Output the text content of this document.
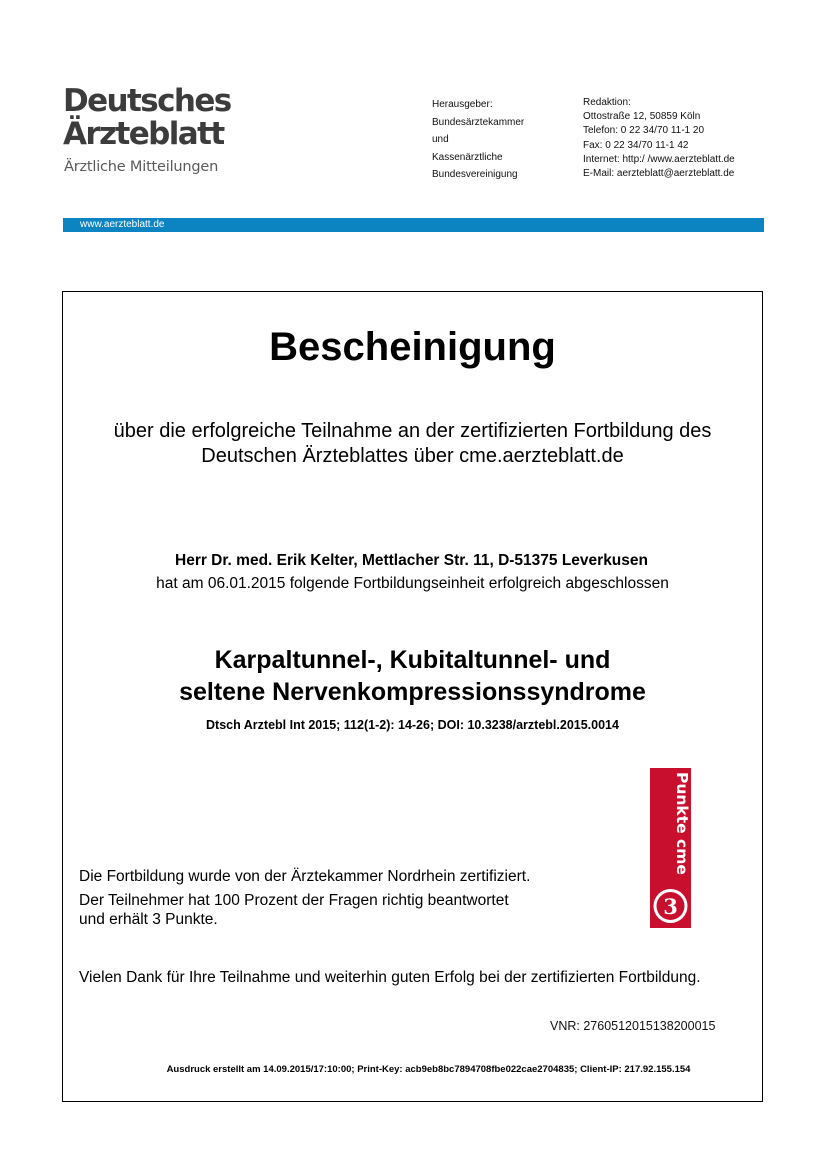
Deutsches
Ärzteblatt
Ärztliche Mitteilungen
Herausgeber:
Bundesärztekammer
und
Kassenärztliche
Bundesvereinigung
Redaktion:
Ottostraße 12, 50859 Köln
Telefon: 0 22 34/70 11-1 20
Fax: 0 22 34/70 11-1 42
Internet: http:/ /www.aerzteblatt.de
E-Mail: aerzteblatt@aerzteblatt.de
www.aerzteblatt.de
Bescheinigung
über die erfolgreiche Teilnahme an der zertifizierten Fortbildung des
Deutschen Ärzteblattes über cme.aerzteblatt.de
Herr Dr. med. Erik Kelter, Mettlacher Str. 11, D-51375 Leverkusen
hat am 06.01.2015 folgende Fortbildungseinheit erfolgreich abgeschlossen
Karpaltunnel-, Kubitaltunnel- und
seltene Nervenkompressionssyndrome
Dtsch Arztebl Int 2015; 112(1-2): 14-26; DOI: 10.3238/arztebl.2015.0014
Punkte cme
3
Die Fortbildung wurde von der Ärztekammer Nordrhein zertifiziert.
Der Teilnehmer hat 100 Prozent der Fragen richtig beantwortet
und erhält 3 Punkte.
Vielen Dank für Ihre Teilnahme und weiterhin guten Erfolg bei der zertifizierten Fortbildung.
VNR: 2760512015138200015
Ausdruck erstellt am 14.09.2015/17:10:00; Print-Key: acb9eb8bc7894708fbe022cae2704835; Client-IP: 217.92.155.154
